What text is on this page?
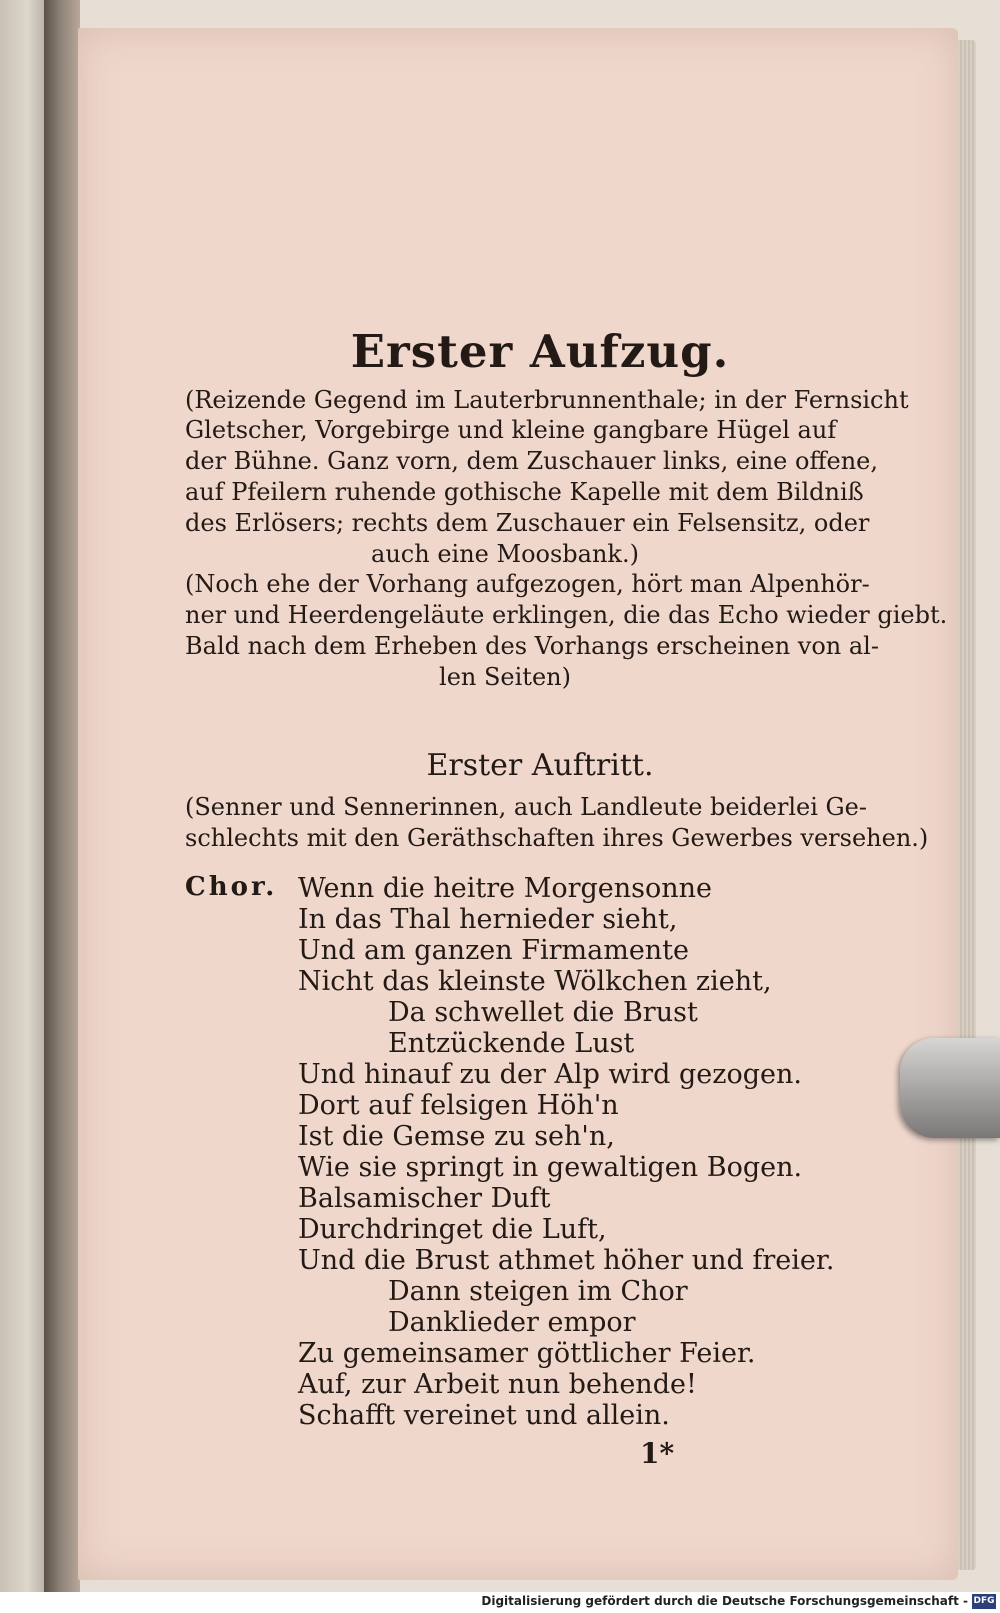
Erster Aufzug.
(Reizende Gegend im Lauterbrunnenthale; in der Fernsicht
Gletscher, Vorgebirge und kleine gangbare Hügel auf
der Bühne. Ganz vorn, dem Zuschauer links, eine offene,
auf Pfeilern ruhende gothische Kapelle mit dem Bildniß
des Erlösers; rechts dem Zuschauer ein Felsensitz, oder
auch eine Moosbank.)
(Noch ehe der Vorhang aufgezogen, hört man Alpenhör-
ner und Heerdengeläute erklingen, die das Echo wieder giebt.
Bald nach dem Erheben des Vorhangs erscheinen von al-
len Seiten)
Erster Auftritt.
(Senner und Sennerinnen, auch Landleute beiderlei Ge-
schlechts mit den Geräthschaften ihres Gewerbes versehen.)
Chor. Wenn die heitre Morgensonne
In das Thal hernieder sieht,
Und am ganzen Firmamente
Nicht das kleinste Wölkchen zieht,
Da schwellet die Brust
Entzückende Lust
Und hinauf zu der Alp wird gezogen.
Dort auf felsigen Höh'n
Ist die Gemse zu seh'n,
Wie sie springt in gewaltigen Bogen.
Balsamischer Duft
Durchdringet die Luft,
Und die Brust athmet höher und freier.
Dann steigen im Chor
Danklieder empor
Zu gemeinsamer göttlicher Feier.
Auf, zur Arbeit nun behende!
Schafft vereinet und allein.
1*
Digitalisierung gefördert durch die Deutsche Forschungsgemeinschaft - DFG
